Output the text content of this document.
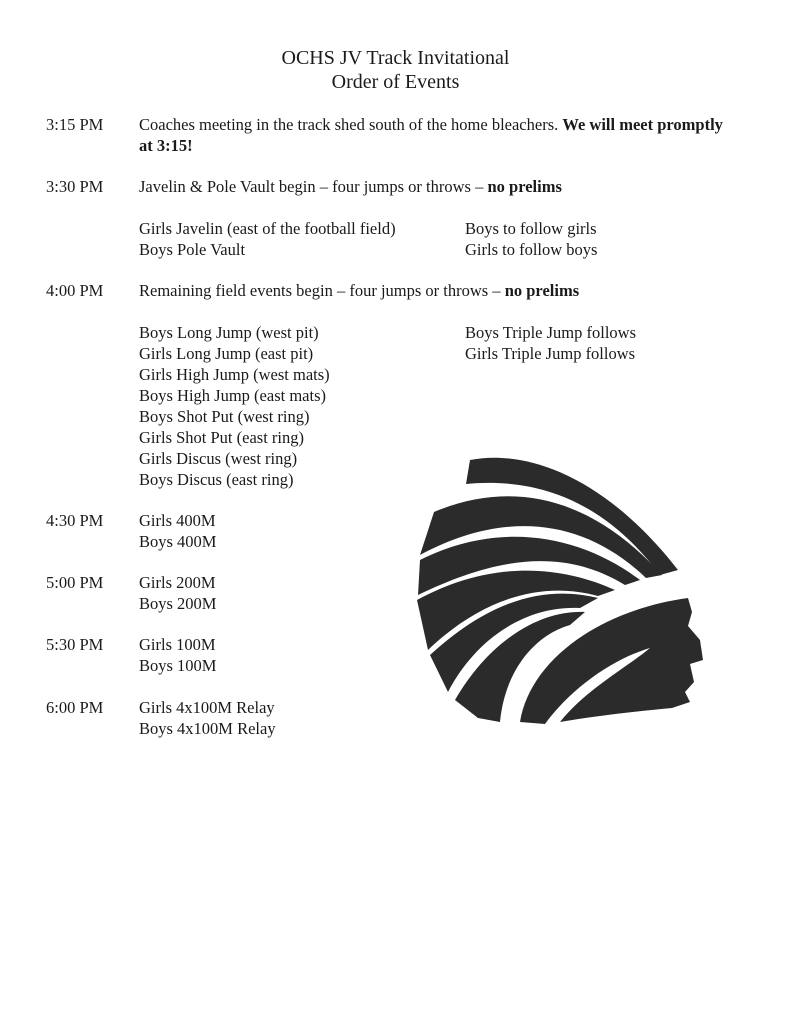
OCHS JV Track Invitational
Order of Events
3:15 PM Coaches meeting in the track shed south of the home bleachers. We will meet promptly at 3:15!
3:30 PM Javelin & Pole Vault begin – four jumps or throws – no prelims
Girls Javelin (east of the football field)
Boys Pole Vault
Boys to follow girls
Girls to follow boys
4:00 PM Remaining field events begin – four jumps or throws – no prelims
Boys Long Jump (west pit)
Girls Long Jump (east pit)
Girls High Jump (west mats)
Boys High Jump (east mats)
Boys Shot Put (west ring)
Girls Shot Put (east ring)
Girls Discus (west ring)
Boys Discus (east ring)
Boys Triple Jump follows
Girls Triple Jump follows
4:30 PM Girls 400M
Boys 400M
5:00 PM Girls 200M
Boys 200M
5:30 PM Girls 100M
Boys 100M
6:00 PM Girls 4x100M Relay
Boys 4x100M Relay
